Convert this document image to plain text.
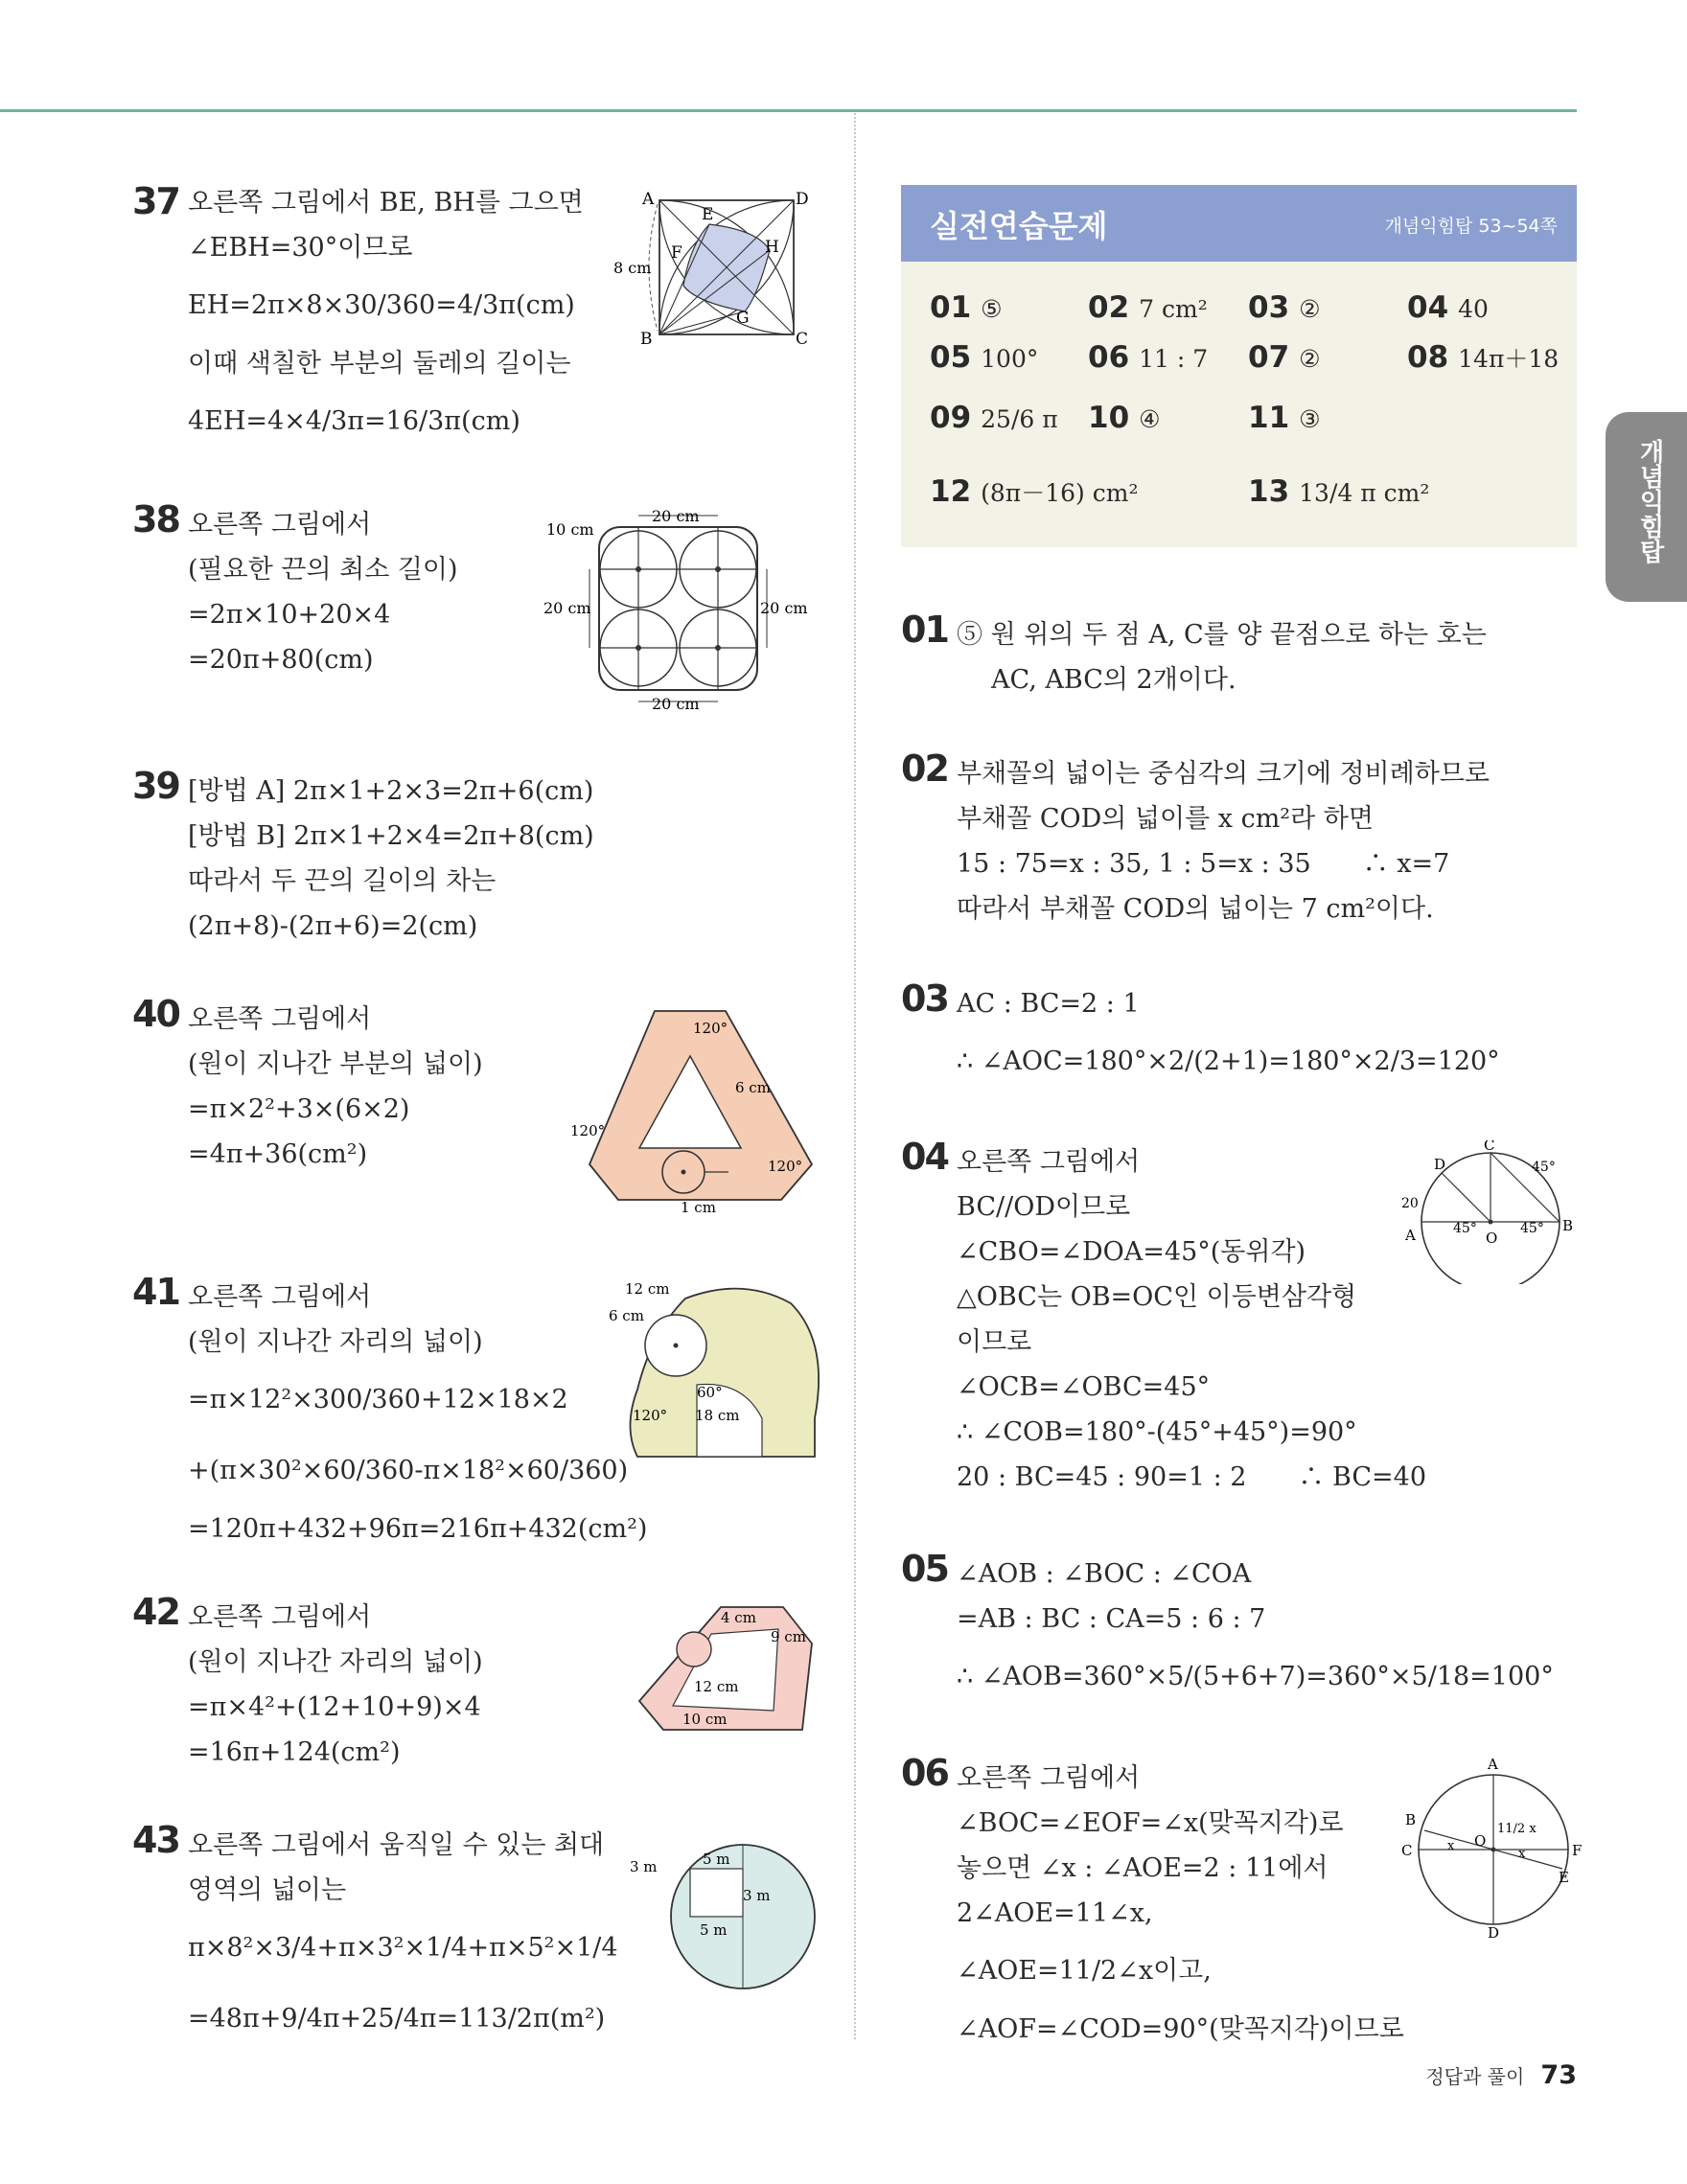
37 오른쪽 그림에서 BE, BH를 그으면
∠EBH=30°이므로
EH=2π×8×30/360=4/3π(cm)
이때 색칠한 부분의 둘레의 길이는
4EH=4×4/3π=16/3π(cm)
38 오른쪽 그림에서
(필요한 끈의 최소 길이)
=2π×10+20×4
=20π+80(cm)
39 [방법 A] 2π×1+2×3=2π+6(cm)
[방법 B] 2π×1+2×4=2π+8(cm)
따라서 두 끈의 길이의 차는
(2π+8)-(2π+6)=2(cm)
40 오른쪽 그림에서
(원이 지나간 부분의 넓이)
=π×2²+3×(6×2)
=4π+36(cm²)
41 오른쪽 그림에서
(원이 지나간 자리의 넓이)
=π×12²×300/360+12×18×2
+(π×30²×60/360-π×18²×60/360)
=120π+432+96π=216π+432(cm²)
42 오른쪽 그림에서
(원이 지나간 자리의 넓이)
=π×4²+(12+10+9)×4
=16π+124(cm²)
43 오른쪽 그림에서 움직일 수 있는 최대
영역의 넓이는
π×8²×3/4+π×3²×1/4+π×5²×1/4
=48π+9/4π+25/4π=113/2π(m²)
A	D
E
F	H
G
B	C
8 cm
20 cm
10 cm
20 cm	20 cm
20 cm
120°
6 cm
120°
120°
1 cm
12 cm
6 cm
60°
120° 18 cm
4 cm
9 cm
12 cm
10 cm
5 m
3 m
3 m
5 m
실전연습문제	개념익힘탑 53~54쪽
01 ⑤	02 7 cm² 03 ②	04 40
05 100° 06 11 : 7 07 ②	08 14π＋18
09 25/6 π 10 ④	11 ③
12 (8π－16) cm²	13 13/4 π cm²	개념익힘탑
01 ⑤ 원 위의 두 점 A, C를 양 끝점으로 하는 호는
AC, ABC의 2개이다.
02 부채꼴의 넓이는 중심각의 크기에 정비례하므로
부채꼴 COD의 넓이를 x cm²라 하면
15 : 75=x : 35, 1 : 5=x : 35　　∴ x=7
따라서 부채꼴 COD의 넓이는 7 cm²이다.
03 AC : BC=2 : 1
∴ ∠AOC=180°×2/(2+1)=180°×2/3=120°
04 오른쪽 그림에서
BC//OD이므로
∠CBO=∠DOA=45°(동위각)
△OBC는 OB=OC인 이등변삼각형
이므로
∠OCB=∠OBC=45°
∴ ∠COB=180°-(45°+45°)=90°
20 : BC=45 : 90=1 : 2　　∴ BC=40
05 ∠AOB : ∠BOC : ∠COA
=AB : BC : CA=5 : 6 : 7
∴ ∠AOB=360°×5/(5+6+7)=360°×5/18=100°
06 오른쪽 그림에서
∠BOC=∠EOF=∠x(맞꼭지각)로
놓으면 ∠x : ∠AOE=2 : 11에서
2∠AOE=11∠x,
∠AOE=11/2∠x이고,
∠AOF=∠COD=90°(맞꼭지각)이므로
C
D	45°
20
A	45°
O
45° B
A
B
C
O
11/2 x
x
x	F
E
D
정답과 풀이 73
